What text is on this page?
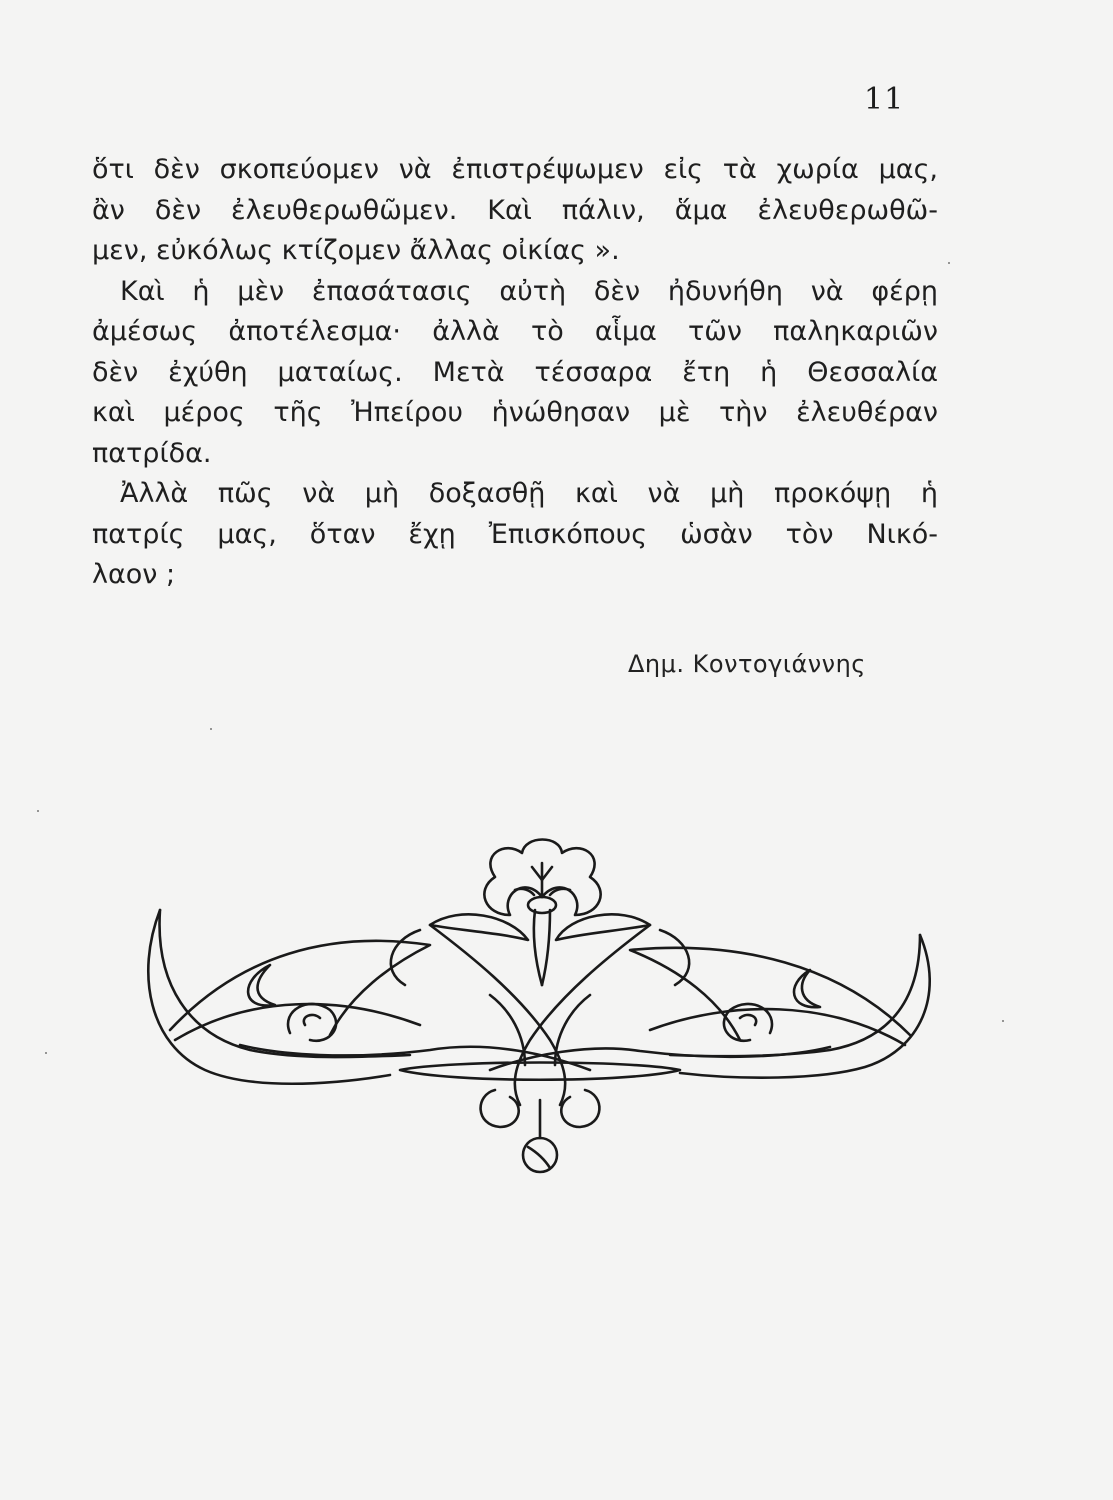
11
ὅτι δὲν σκοπεύομεν νὰ ἐπιστρέψωμεν εἰς τὰ χωρία μας,
ἂν δὲν ἐλευθερωθῶμεν. Καὶ πάλιν, ἅμα ἐλευθερωθῶ-
μεν, εὐκόλως κτίζομεν ἄλλας οἰκίας ».
Καὶ ἡ μὲν ἐπασάτασις αὐτὴ δὲν ἠδυνήθη νὰ φέρῃ
ἀμέσως ἀποτέλεσμα· ἀλλὰ τὸ αἷμα τῶν παληκαριῶν
δὲν ἐχύθη ματαίως. Μετὰ τέσσαρα ἔτη ἡ Θεσσαλία
καὶ μέρος τῆς Ἠπείρου ἡνώθησαν μὲ τὴν ἐλευθέραν
πατρίδα.
Ἀλλὰ πῶς νὰ μὴ δοξασθῇ καὶ νὰ μὴ προκόψῃ ἡ
πατρίς μας, ὅταν ἔχῃ Ἐπισκόπους ὡσὰν τὸν Νικό-
λαον ;
Δημ. Κοντογιάννης
